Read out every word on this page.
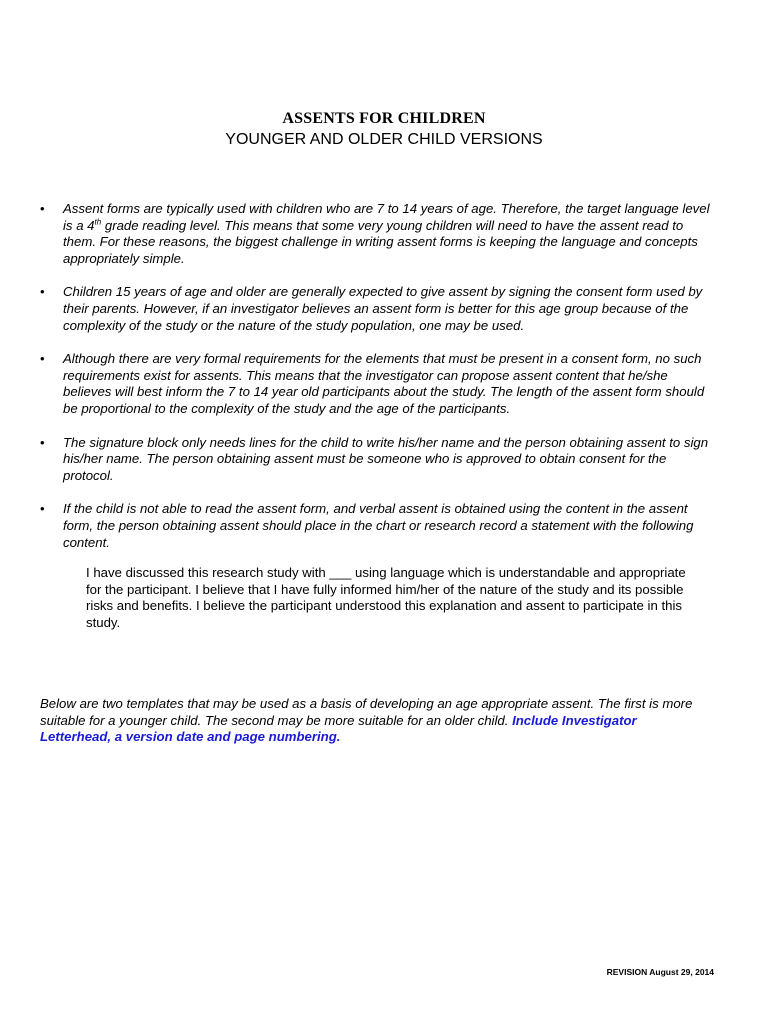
ASSENTS FOR CHILDREN
YOUNGER AND OLDER CHILD VERSIONS
• Assent forms are typically used with children who are 7 to 14 years of age. Therefore, the target language level is a 4th grade reading level. This means that some very young children will need to have the assent read to them. For these reasons, the biggest challenge in writing assent forms is keeping the language and concepts appropriately simple.
• Children 15 years of age and older are generally expected to give assent by signing the consent form used by their parents. However, if an investigator believes an assent form is better for this age group because of the complexity of the study or the nature of the study population, one may be used.
• Although there are very formal requirements for the elements that must be present in a consent form, no such requirements exist for assents. This means that the investigator can propose assent content that he/she believes will best inform the 7 to 14 year old participants about the study. The length of the assent form should be proportional to the complexity of the study and the age of the participants.
• The signature block only needs lines for the child to write his/her name and the person obtaining assent to sign his/her name. The person obtaining assent must be someone who is approved to obtain consent for the protocol.
• If the child is not able to read the assent form, and verbal assent is obtained using the content in the assent form, the person obtaining assent should place in the chart or research record a statement with the following content.
I have discussed this research study with ___ using language which is understandable and appropriate for the participant. I believe that I have fully informed him/her of the nature of the study and its possible risks and benefits. I believe the participant understood this explanation and assent to participate in this study.
Below are two templates that may be used as a basis of developing an age appropriate assent. The first is more suitable for a younger child. The second may be more suitable for an older child. Include Investigator Letterhead, a version date and page numbering.
REVISION August 29, 2014
